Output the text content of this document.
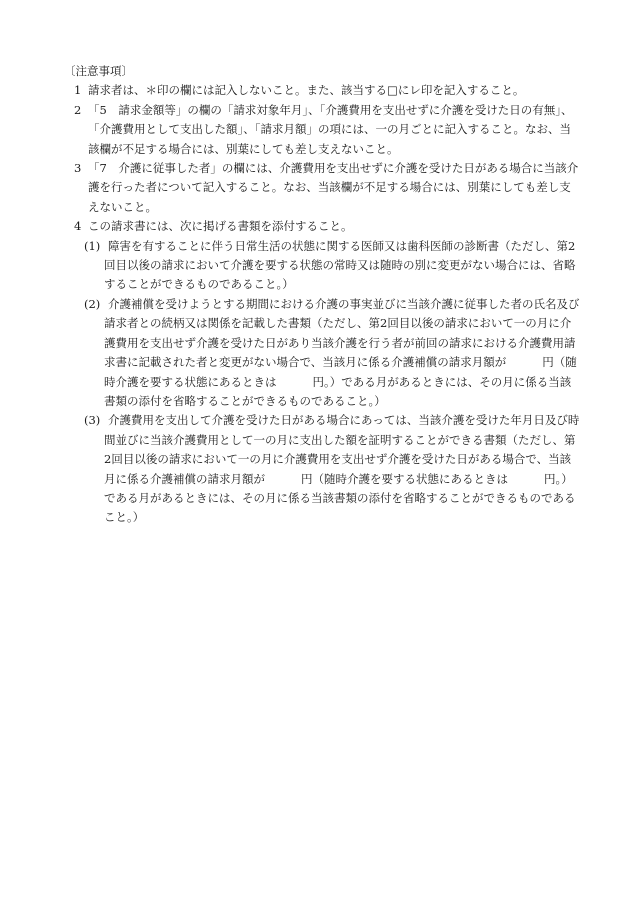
〔注意事項〕

1 請求者は、＊印の欄には記入しないこと。また、該当する□にレ印を記入すること。

2 「5　請求金額等」の欄の「請求対象年月」、「介護費用を支出せずに介護を受けた日の有無」、「介護費用として支出した額」、「請求月額」の項には、一の月ごとに記入すること。なお、当該欄が不足する場合には、別葉にしても差し支えないこと。

3 「7　介護に従事した者」の欄には、介護費用を支出せずに介護を受けた日がある場合に当該介護を行った者について記入すること。なお、当該欄が不足する場合には、別葉にしても差し支えないこと。

4 この請求書には、次に掲げる書類を添付すること。

(1) 障害を有することに伴う日常生活の状態に関する医師又は歯科医師の診断書（ただし、第2回目以後の請求において介護を要する状態の常時又は随時の別に変更がない場合には、省略することができるものであること。）

(2) 介護補償を受けようとする期間における介護の事実並びに当該介護に従事した者の氏名及び請求者との続柄又は関係を記載した書類（ただし、第2回目以後の請求において一の月に介護費用を支出せず介護を受けた日があり当該介護を行う者が前回の請求における介護費用請求書に記載された者と変更がない場合で、当該月に係る介護補償の請求月額が	円（随時介護を要する状態にあるときは	円。）である月があるときには、その月に係る当該書類の添付を省略することができるものであること。）

(3) 介護費用を支出して介護を受けた日がある場合にあっては、当該介護を受けた年月日及び時間並びに当該介護費用として一の月に支出した額を証明することができる書類（ただし、第2回目以後の請求において一の月に介護費用を支出せず介護を受けた日がある場合で、当該月に係る介護補償の請求月額が	円（随時介護を要する状態にあるときは	円。）である月があるときには、その月に係る当該書類の添付を省略することができるものであること。）
